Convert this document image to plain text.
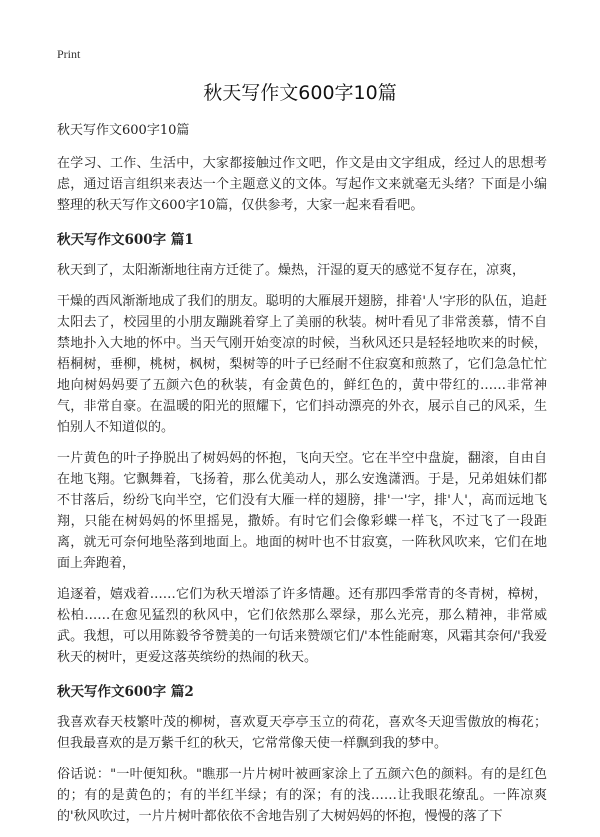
Print
秋天写作文600字10篇
秋天写作文600字10篇

在学习、工作、生活中，大家都接触过作文吧，作文是由文字组成，经过人的思想考虑，通过语言组织来表达一个主题意义的文体。写起作文来就毫无头绪？下面是小编整理的秋天写作文600字10篇，仅供参考，大家一起来看看吧。

秋天写作文600字 篇1

秋天到了，太阳渐渐地往南方迁徙了。燥热，汗湿的夏天的感觉不复存在，凉爽，

干燥的西风渐渐地成了我们的朋友。聪明的大雁展开翅膀，排着'人'字形的队伍，追赶太阳去了，校园里的小朋友蹦跳着穿上了美丽的秋装。树叶看见了非常羡慕，情不自禁地扑入大地的怀中。当天气刚开始变凉的时候，当秋风还只是轻轻地吹来的时候，梧桐树，垂柳，桃树，枫树，梨树等的叶子已经耐不住寂寞和煎熬了，它们急急忙忙地向树妈妈要了五颜六色的秋装，有金黄色的，鲜红色的，黄中带红的……非常神气，非常自豪。在温暖的阳光的照耀下，它们抖动漂亮的外衣，展示自己的风采，生怕别人不知道似的。

一片黄色的叶子挣脱出了树妈妈的怀抱，飞向天空。它在半空中盘旋，翻滚，自由自在地飞翔。它飘舞着，飞扬着，那么优美动人，那么安逸潇洒。于是，兄弟姐妹们都不甘落后，纷纷飞向半空，它们没有大雁一样的翅膀，排'一'字，排'人'，高而远地飞翔，只能在树妈妈的怀里摇晃，撒娇。有时它们会像彩蝶一样飞，不过飞了一段距离，就无可奈何地坠落到地面上。地面的树叶也不甘寂寞，一阵秋风吹来，它们在地面上奔跑着，

追逐着，嬉戏着……它们为秋天增添了许多情趣。还有那四季常青的冬青树，樟树，松柏……在愈见猛烈的秋风中，它们依然那么翠绿，那么光亮，那么精神，非常威武。我想，可以用陈毅爷爷赞美的一句话来赞颂它们/'本性能耐寒，风霜其奈何/'我爱秋天的树叶，更爱这落英缤纷的热闹的秋天。

秋天写作文600字 篇2

我喜欢春天枝繁叶茂的柳树，喜欢夏天亭亭玉立的荷花，喜欢冬天迎雪傲放的梅花；但我最喜欢的是万紫千红的秋天，它常常像天使一样飘到我的梦中。

俗话说："一叶便知秋。"瞧那一片片树叶被画家涂上了五颜六色的颜料。有的是红色的；有的是黄色的；有的半红半绿；有的深；有的浅……让我眼花缭乱。一阵凉爽的'秋风吹过，一片片树叶都依依不舍地告别了大树妈妈的怀抱，慢慢的落了下
